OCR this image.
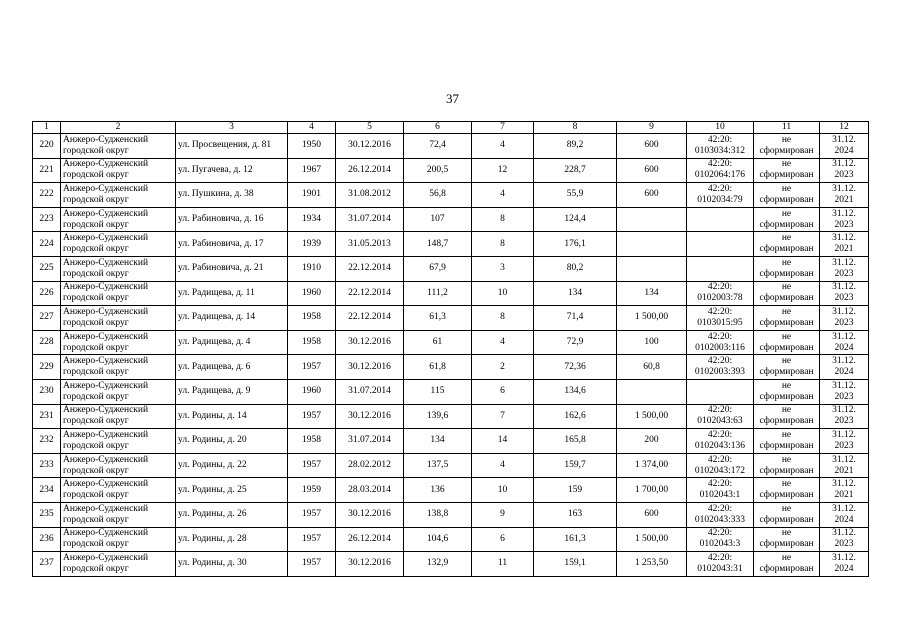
37
1	2	3	4	5	6	7	8	9	10	11	12
220	Анжеро-Судженский городской округ	ул. Просвещения, д. 81	1950	30.12.2016	72,4	4	89,2	600	42:20: 0103034:312	не сформирован	31.12. 2024
221	Анжеро-Судженский городской округ	ул. Пугачева, д. 12	1967	26.12.2014	200,5	12	228,7	600	42:20: 0102064:176	не сформирован	31.12. 2023
222	Анжеро-Судженский городской округ	ул. Пушкина, д. 38	1901	31.08.2012	56,8	4	55,9	600	42:20: 0102034:79	не сформирован	31.12. 2021
223	Анжеро-Судженский городской округ	ул. Рабиновича, д. 16	1934	31.07.2014	107	8	124,4			не сформирован	31.12. 2023
224	Анжеро-Судженский городской округ	ул. Рабиновича, д. 17	1939	31.05.2013	148,7	8	176,1			не сформирован	31.12. 2021
225	Анжеро-Судженский городской округ	ул. Рабиновича, д. 21	1910	22.12.2014	67,9	3	80,2			не сформирован	31.12. 2023
226	Анжеро-Судженский городской округ	ул. Радищева, д. 11	1960	22.12.2014	111,2	10	134	134	42:20: 0102003:78	не сформирован	31.12. 2023
227	Анжеро-Судженский городской округ	ул. Радищева, д. 14	1958	22.12.2014	61,3	8	71,4	1 500,00	42:20: 0103015:95	не сформирован	31.12. 2023
228	Анжеро-Судженский городской округ	ул. Радищева, д. 4	1958	30.12.2016	61	4	72,9	100	42:20: 0102003:116	не сформирован	31.12. 2024
229	Анжеро-Судженский городской округ	ул. Радищева, д. 6	1957	30.12.2016	61,8	2	72,36	60,8	42:20: 0102003:393	не сформирован	31.12. 2024
230	Анжеро-Судженский городской округ	ул. Радищева, д. 9	1960	31.07.2014	115	6	134,6			не сформирован	31.12. 2023
231	Анжеро-Судженский городской округ	ул. Родины, д. 14	1957	30.12.2016	139,6	7	162,6	1 500,00	42:20: 0102043:63	не сформирован	31.12. 2023
232	Анжеро-Судженский городской округ	ул. Родины, д. 20	1958	31.07.2014	134	14	165,8	200	42:20: 0102043:136	не сформирован	31.12. 2023
233	Анжеро-Судженский городской округ	ул. Родины, д. 22	1957	28.02.2012	137,5	4	159,7	1 374,00	42:20: 0102043:172	не сформирован	31.12. 2021
234	Анжеро-Судженский городской округ	ул. Родины, д. 25	1959	28.03.2014	136	10	159	1 700,00	42:20: 0102043:1	не сформирован	31.12. 2021
235	Анжеро-Судженский городской округ	ул. Родины, д. 26	1957	30.12.2016	138,8	9	163	600	42:20: 0102043:333	не сформирован	31.12. 2024
236	Анжеро-Судженский городской округ	ул. Родины, д. 28	1957	26.12.2014	104,6	6	161,3	1 500,00	42:20: 0102043:3	не сформирован	31.12. 2023
237	Анжеро-Судженский городской округ	ул. Родины, д. 30	1957	30.12.2016	132,9	11	159,1	1 253,50	42:20: 0102043:31	не сформирован	31.12. 2024
